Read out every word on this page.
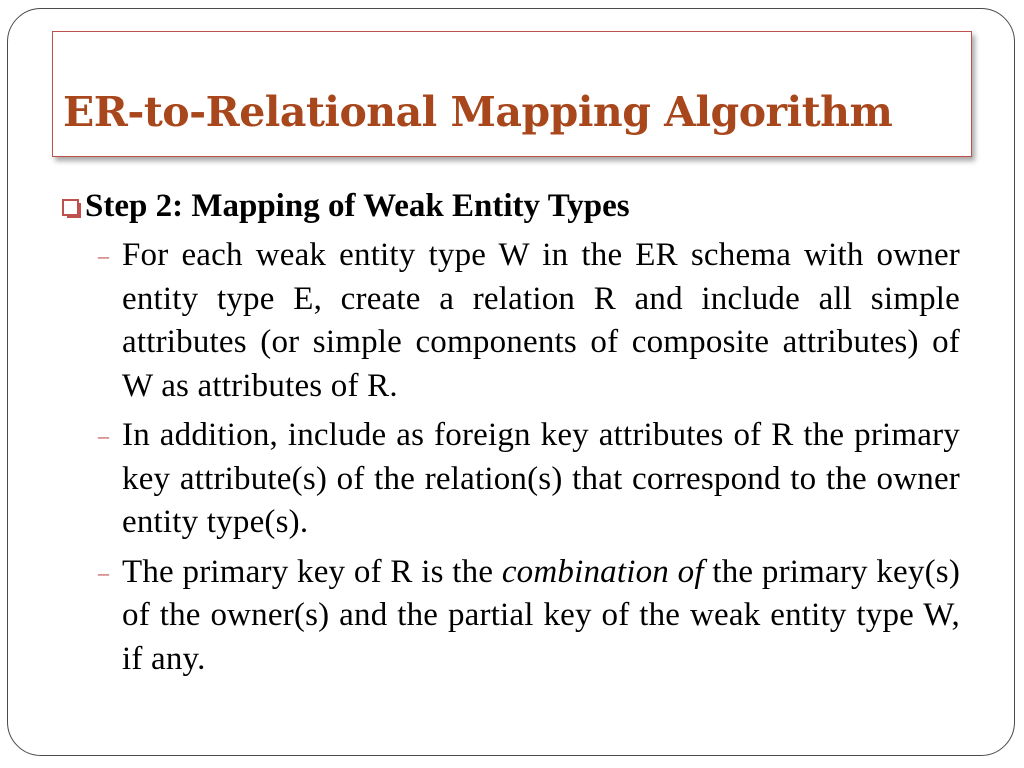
ER-to-Relational Mapping Algorithm
Step 2: Mapping of Weak Entity Types
– For each weak entity type W in the ER schema with owner entity type E, create a relation R and include all simple attributes (or simple components of composite attributes) of W as attributes of R.
– In addition, include as foreign key attributes of R the primary key attribute(s) of the relation(s) that correspond to the owner entity type(s).
– The primary key of R is the combination of the primary key(s) of the owner(s) and the partial key of the weak entity type W, if any.
